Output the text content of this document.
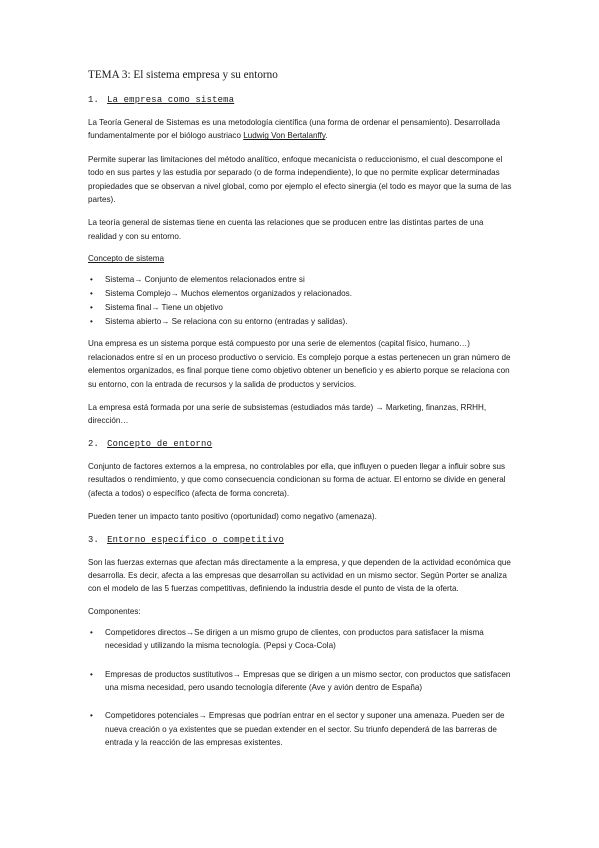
TEMA 3: El sistema empresa y su entorno
1. La empresa como sistema

La Teoría General de Sistemas es una metodología científica (una forma de ordenar el pensamiento). Desarrollada fundamentalmente por el biólogo austriaco Ludwig Von Bertalanffy.

Permite superar las limitaciones del método analítico, enfoque mecanicista o reduccionismo, el cual descompone el todo en sus partes y las estudia por separado (o de forma independiente), lo que no permite explicar determinadas propiedades que se observan a nivel global, como por ejemplo el efecto sinergia (el todo es mayor que la suma de las partes).

La teoría general de sistemas tiene en cuenta las relaciones que se producen entre las distintas partes de una realidad y con su entorno.

Concepto de sistema
• Sistema→ Conjunto de elementos relacionados entre si
• Sistema Complejo→ Muchos elementos organizados y relacionados.
• Sistema final→ Tiene un objetivo
• Sistema abierto→ Se relaciona con su entorno (entradas y salidas).

Una empresa es un sistema porque está compuesto por una serie de elementos (capital físico, humano…) relacionados entre sí en un proceso productivo o servicio. Es complejo porque a estas pertenecen un gran número de elementos organizados, es final porque tiene como objetivo obtener un beneficio y es abierto porque se relaciona con su entorno, con la entrada de recursos y la salida de productos y servicios.

La empresa está formada por una serie de subsistemas (estudiados más tarde) → Marketing, finanzas, RRHH, dirección…

2. Concepto de entorno

Conjunto de factores externos a la empresa, no controlables por ella, que influyen o pueden llegar a influir sobre sus resultados o rendimiento, y que como consecuencia condicionan su forma de actuar. El entorno se divide en general (afecta a todos) o específico (afecta de forma concreta).

Pueden tener un impacto tanto positivo (oportunidad) como negativo (amenaza).

3. Entorno específico o competitivo

Son las fuerzas externas que afectan más directamente a la empresa, y que dependen de la actividad económica que desarrolla. Es decir, afecta a las empresas que desarrollan su actividad en un mismo sector. Según Porter se analiza con el modelo de las 5 fuerzas competitivas, definiendo la industria desde el punto de vista de la oferta.

Componentes:
• Competidores directos→Se dirigen a un mismo grupo de clientes, con productos para satisfacer la misma necesidad y utilizando la misma tecnología. (Pepsi y Coca-Cola)
• Empresas de productos sustitutivos→ Empresas que se dirigen a un mismo sector, con productos que satisfacen una misma necesidad, pero usando tecnología diferente (Ave y avión dentro de España)
• Competidores potenciales→ Empresas que podrían entrar en el sector y suponer una amenaza. Pueden ser de nueva creación o ya existentes que se puedan extender en el sector. Su triunfo dependerá de las barreras de entrada y la reacción de las empresas existentes.
